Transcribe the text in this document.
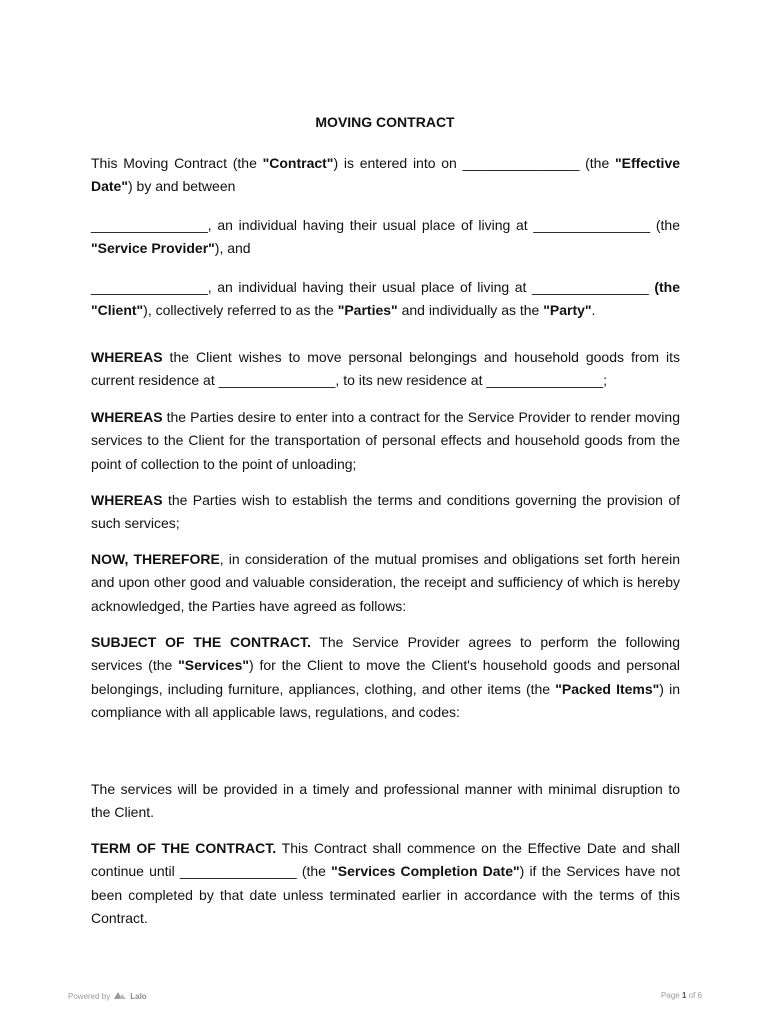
MOVING CONTRACT
This Moving Contract (the "Contract") is entered into on _______________ (the "Effective Date") by and between
_______________, an individual having their usual place of living at _______________ (the "Service Provider"), and
_______________, an individual having their usual place of living at _______________ (the "Client"), collectively referred to as the "Parties" and individually as the "Party".
WHEREAS the Client wishes to move personal belongings and household goods from its current residence at _______________, to its new residence at _______________;
WHEREAS the Parties desire to enter into a contract for the Service Provider to render moving services to the Client for the transportation of personal effects and household goods from the point of collection to the point of unloading;
WHEREAS the Parties wish to establish the terms and conditions governing the provision of such services;
NOW, THEREFORE, in consideration of the mutual promises and obligations set forth herein and upon other good and valuable consideration, the receipt and sufficiency of which is hereby acknowledged, the Parties have agreed as follows:
SUBJECT OF THE CONTRACT. The Service Provider agrees to perform the following services (the "Services") for the Client to move the Client's household goods and personal belongings, including furniture, appliances, clothing, and other items (the "Packed Items") in compliance with all applicable laws, regulations, and codes:
The services will be provided in a timely and professional manner with minimal disruption to the Client.
TERM OF THE CONTRACT. This Contract shall commence on the Effective Date and shall continue until _______________ (the "Services Completion Date") if the Services have not been completed by that date unless terminated earlier in accordance with the terms of this Contract.
Powered by	Lalo	Page 1 of 6
